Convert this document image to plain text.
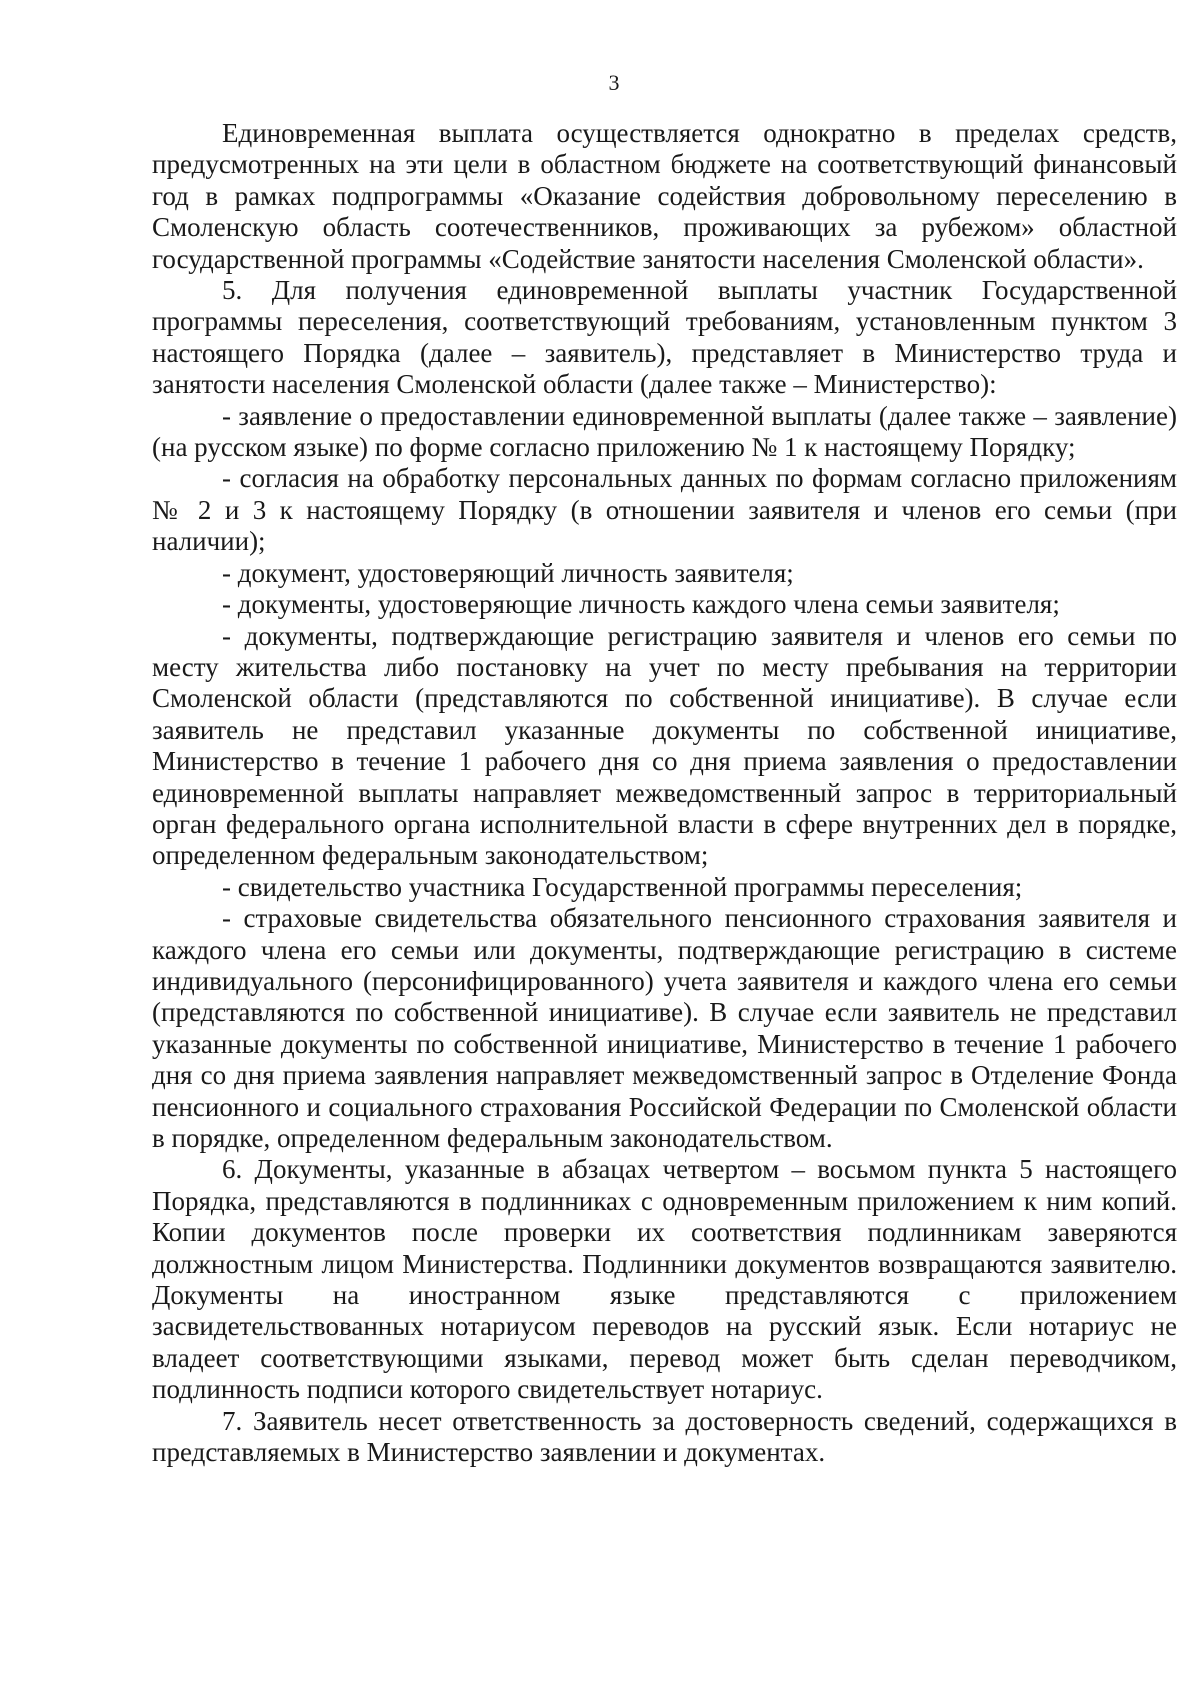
3

Единовременная выплата осуществляется однократно в пределах средств, предусмотренных на эти цели в областном бюджете на соответствующий финансовый год в рамках подпрограммы «Оказание содействия добровольному переселению в Смоленскую область соотечественников, проживающих за рубежом» областной государственной программы «Содействие занятости населения Смоленской области».

5. Для получения единовременной выплаты участник Государственной программы переселения, соответствующий требованиям, установленным пунктом 3 настоящего Порядка (далее – заявитель), представляет в Министерство труда и занятости населения Смоленской области (далее также – Министерство):

- заявление о предоставлении единовременной выплаты (далее также – заявление) (на русском языке) по форме согласно приложению № 1 к настоящему Порядку;

- согласия на обработку персональных данных по формам согласно приложениям № 2 и 3 к настоящему Порядку (в отношении заявителя и членов его семьи (при наличии);

- документ, удостоверяющий личность заявителя;

- документы, удостоверяющие личность каждого члена семьи заявителя;

- документы, подтверждающие регистрацию заявителя и членов его семьи по месту жительства либо постановку на учет по месту пребывания на территории Смоленской области (представляются по собственной инициативе). В случае если заявитель не представил указанные документы по собственной инициативе, Министерство в течение 1 рабочего дня со дня приема заявления о предоставлении единовременной выплаты направляет межведомственный запрос в территориальный орган федерального органа исполнительной власти в сфере внутренних дел в порядке, определенном федеральным законодательством;

- свидетельство участника Государственной программы переселения;

- страховые свидетельства обязательного пенсионного страхования заявителя и каждого члена его семьи или документы, подтверждающие регистрацию в системе индивидуального (персонифицированного) учета заявителя и каждого члена его семьи (представляются по собственной инициативе). В случае если заявитель не представил указанные документы по собственной инициативе, Министерство в течение 1 рабочего дня со дня приема заявления направляет межведомственный запрос в Отделение Фонда пенсионного и социального страхования Российской Федерации по Смоленской области в порядке, определенном федеральным законодательством.

6. Документы, указанные в абзацах четвертом – восьмом пункта 5 настоящего Порядка, представляются в подлинниках с одновременным приложением к ним копий. Копии документов после проверки их соответствия подлинникам заверяются должностным лицом Министерства. Подлинники документов возвращаются заявителю. Документы на иностранном языке представляются с приложением засвидетельствованных нотариусом переводов на русский язык. Если нотариус не владеет соответствующими языками, перевод может быть сделан переводчиком, подлинность подписи которого свидетельствует нотариус.

7. Заявитель несет ответственность за достоверность сведений, содержащихся в представляемых в Министерство заявлении и документах.
